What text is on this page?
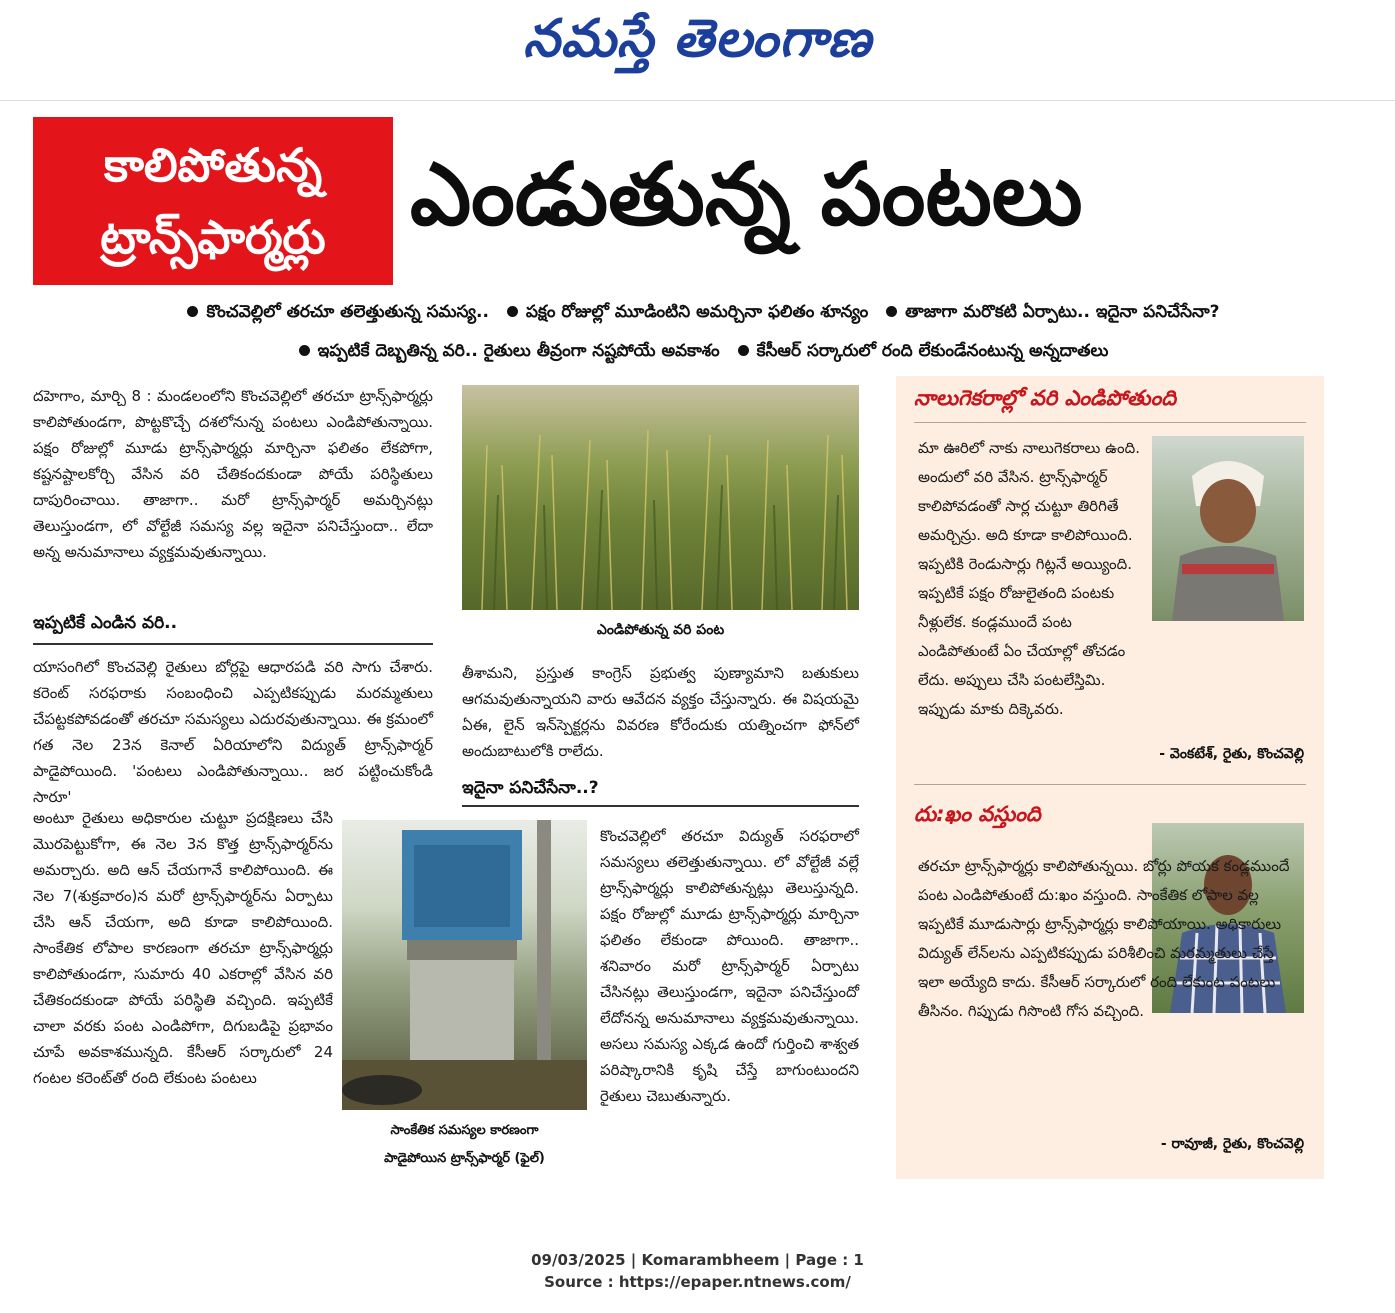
నమస్తే తెలంగాణ
కాలిపోతున్న
ట్రాన్స్‌ఫార్మర్లు ఎండుతున్న పంటలు
కొంచవెల్లిలో తరచూ తలెత్తుతున్న సమస్య.. పక్షం రోజుల్లో మూడింటిని అమర్చినా ఫలితం శూన్యం తాజాగా మరొకటి ఏర్పాటు.. ఇదైనా పనిచేసేనా?
ఇప్పటికే దెబ్బతిన్న వరి.. రైతులు తీవ్రంగా నష్టపోయే అవకాశం కేసీఆర్ సర్కారులో రంది లేకుండేనంటున్న అన్నదాతలు
దహెగాం, మార్చి 8 : మండలంలోని కొంచవెల్లిలో తరచూ ట్రాన్స్‌ఫార్మర్లు కాలిపోతుండగా, పొట్టకొచ్చే దశలోనున్న పంటలు ఎండిపోతున్నాయి. పక్షం రోజుల్లో మూడు ట్రాన్స్‌ఫార్మర్లు మార్చినా ఫలితం లేకపోగా, కష్టనష్టాలకోర్చి వేసిన వరి చేతికందకుండా పోయే పరిస్థితులు దాపురించాయి. తాజాగా.. మరో ట్రాన్స్‌ఫార్మర్ అమర్చినట్లు తెలుస్తుండగా, లో వోల్టేజీ సమస్య వల్ల ఇదైనా పనిచేస్తుందా.. లేదా అన్న అనుమానాలు వ్యక్తమవుతున్నాయి.
ఇప్పటికే ఎండిన వరి..
యాసంగిలో కొంచవెల్లి రైతులు బోర్లపై ఆధారపడి వరి సాగు చేశారు. కరెంట్ సరఫరాకు సంబంధించి ఎప్పటికప్పుడు మరమ్మతులు చేపట్టకపోవడంతో తరచూ సమస్యలు ఎదురవుతున్నాయి. ఈ క్రమంలో గత నెల 23న కెనాల్ ఏరియాలోని విద్యుత్ ట్రాన్స్‌ఫార్మర్ పాడైపోయింది. 'పంటలు ఎండిపోతున్నాయి.. జర పట్టించుకోండి సారూ'
అంటూ రైతులు అధికారుల చుట్టూ ప్రదక్షిణలు చేసి మొరపెట్టుకోగా, ఈ నెల 3న కొత్త ట్రాన్స్‌ఫార్మర్‌ను అమర్చారు. అది ఆన్ చేయగానే కాలిపోయింది. ఈ నెల 7(శుక్రవారం)న మరో ట్రాన్స్‌ఫార్మర్‌ను ఏర్పాటు చేసి ఆన్ చేయగా, అది కూడా కాలిపోయింది. సాంకేతిక లోపాల కారణంగా తరచూ ట్రాన్స్‌ఫార్మర్లు కాలిపోతుండగా, సుమారు 40 ఎకరాల్లో వేసిన వరి చేతికందకుండా పోయే పరిస్థితి వచ్చింది. ఇప్పటికే చాలా వరకు పంట ఎండిపోగా, దిగుబడిపై ప్రభావం చూపే అవకాశమున్నది. కేసీఆర్ సర్కారులో 24 గంటల కరెంట్‌తో రంది లేకుంట పంటలు
ఎండిపోతున్న వరి పంట
తీశామని, ప్రస్తుత కాంగ్రెస్ ప్రభుత్వ పుణ్యామాని బతుకులు ఆగమవుతున్నాయని వారు ఆవేదన వ్యక్తం చేస్తున్నారు. ఈ విషయమై ఏఈ, లైన్ ఇన్‌స్పెక్టర్లను వివరణ కోరేందుకు యత్నించగా ఫోన్‌లో అందుబాటులోకి రాలేదు.
ఇదైనా పనిచేసేనా..?
సాంకేతిక సమస్యల కారణంగా
పాడైపోయిన ట్రాన్స్‌ఫార్మర్ (ఫైల్)
కొంచవెల్లిలో తరచూ విద్యుత్ సరఫరాలో సమస్యలు తలెత్తుతున్నాయి. లో వోల్టేజీ వల్లే ట్రాన్స్‌ఫార్మర్లు కాలిపోతున్నట్లు తెలుస్తున్నది. పక్షం రోజుల్లో మూడు ట్రాన్స్‌ఫార్మర్లు మార్చినా ఫలితం లేకుండా పోయింది. తాజాగా.. శనివారం మరో ట్రాన్స్‌ఫార్మర్ ఏర్పాటు చేసినట్లు తెలుస్తుండగా, ఇదైనా పనిచేస్తుందో లేదోనన్న అనుమానాలు వ్యక్తమవుతున్నాయి. అసలు సమస్య ఎక్కడ ఉందో గుర్తించి శాశ్వత పరిష్కారానికి కృషి చేస్తే బాగుంటుందని రైతులు చెబుతున్నారు.
నాలుగెకరాల్లో వరి ఎండిపోతుంది
మా ఊరిలో నాకు నాలుగెకరాలు ఉంది. అందులో వరి వేసిన. ట్రాన్స్‌ఫార్మర్ కాలిపోవడంతో సార్ల చుట్టూ తిరిగితే అమర్చిన్రు. అది కూడా కాలిపోయింది. ఇప్పటికి రెండుసార్లు గిట్లనే అయ్యింది. ఇప్పటికే పక్షం రోజులైతంది పంటకు నీళ్లులేక. కండ్లముందే పంట ఎండిపోతుంటే ఏం చేయాల్లో తోచడం లేదు. అప్పులు చేసి పంటలేస్తిమి. ఇప్పుడు మాకు దిక్కెవరు.
- వెంకటేశ్, రైతు, కొంచవెల్లి
దు:ఖం వస్తుంది
తరచూ ట్రాన్స్‌ఫార్మర్లు కాలిపోతున్నయి. బోర్లు పోయక కండ్లముందే పంట ఎండిపోతుంటే దు:ఖం వస్తుంది. సాంకేతిక లోపాల వల్ల ఇప్పటికే మూడుసార్లు ట్రాన్స్‌ఫార్మర్లు కాలిపోయాయి. అధికారులు విద్యుత్ లేన్‌లను ఎప్పటికప్పుడు పరిశీలించి మరమ్మతులు చేస్తే ఇలా అయ్యేది కాదు. కేసీఆర్ సర్కారులో రంది లేకుంట పంటలు తీసినం. గిప్పుడు గిసొంటి గోస వచ్చింది.
- రావూజీ, రైతు, కొంచవెల్లి
09/03/2025 | Komarambheem | Page : 1
Source : https://epaper.ntnews.com/
